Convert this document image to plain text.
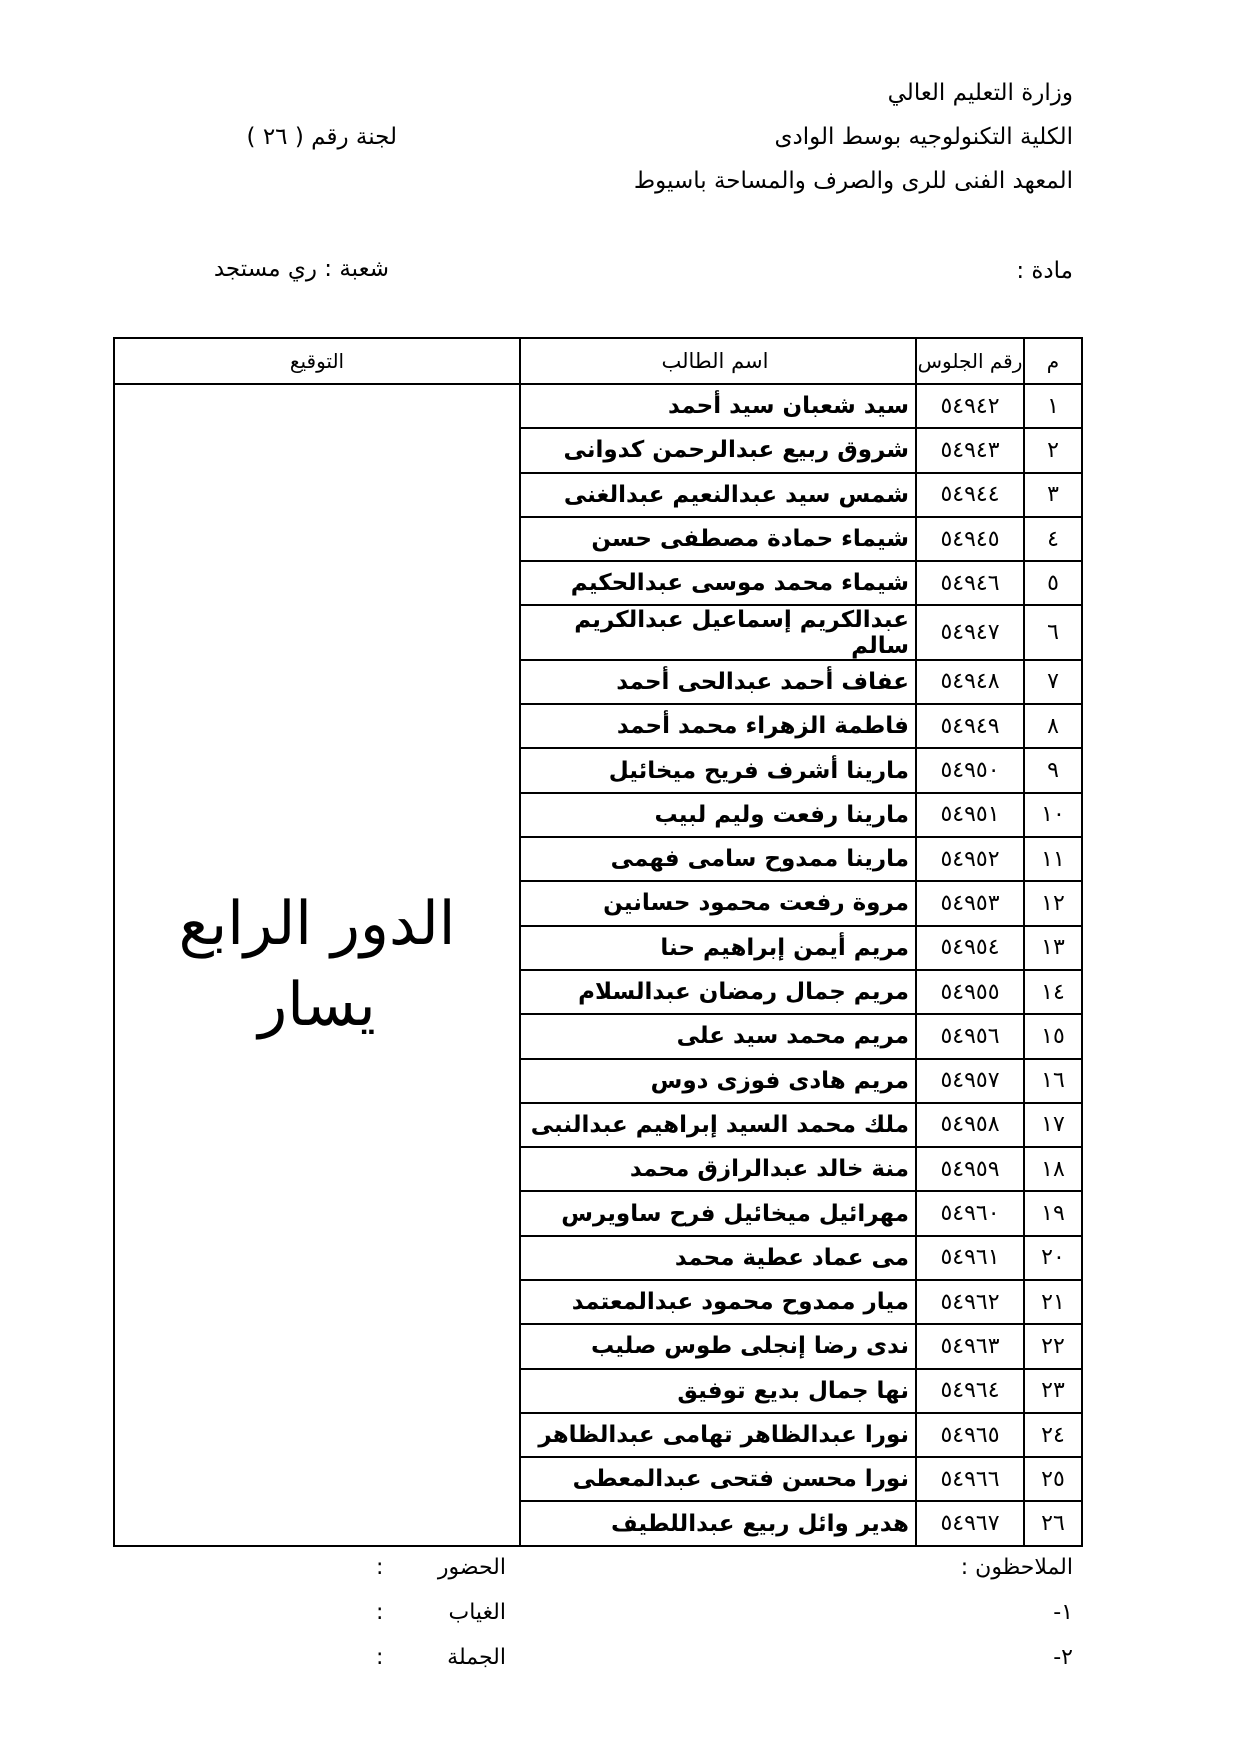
وزارة التعليم العالي
الكلية التكنولوجيه بوسط الوادى
المعهد الفنى للرى والصرف والمساحة باسيوط
لجنة رقم ( ٢٦ )
مادة :
شعبة : ري مستجد
م	رقم الجلوس	اسم الطالب	التوقيع
١	٥٤٩٤٢	سيد شعبان سيد أحمد	الدور الرابع
يسار

٢	٥٤٩٤٣	شروق ربيع عبدالرحمن كدوانى	
٣	٥٤٩٤٤	شمس سيد عبدالنعيم عبدالغنى	
٤	٥٤٩٤٥	شيماء حمادة مصطفى حسن	
٥	٥٤٩٤٦	شيماء محمد موسى عبدالحكيم	
٦	٥٤٩٤٧	عبدالكريم إسماعيل عبدالكريم سالم	
٧	٥٤٩٤٨	عفاف أحمد عبدالحى أحمد	
٨	٥٤٩٤٩	فاطمة الزهراء محمد أحمد	
٩	٥٤٩٥٠	مارينا أشرف فريح ميخائيل	
١٠	٥٤٩٥١	مارينا رفعت وليم لبيب	
١١	٥٤٩٥٢	مارينا ممدوح سامى فهمى	
١٢	٥٤٩٥٣	مروة رفعت محمود حسانين	
١٣	٥٤٩٥٤	مريم أيمن إبراهيم حنا	
١٤	٥٤٩٥٥	مريم جمال رمضان عبدالسلام	
١٥	٥٤٩٥٦	مريم محمد سيد على	
١٦	٥٤٩٥٧	مريم هادى فوزى دوس	
١٧	٥٤٩٥٨	ملك محمد السيد إبراهيم عبدالنبى	
١٨	٥٤٩٥٩	منة خالد عبدالرازق محمد	
١٩	٥٤٩٦٠	مهرائيل ميخائيل فرح ساويرس	
٢٠	٥٤٩٦١	مى عماد عطية محمد	
٢١	٥٤٩٦٢	ميار ممدوح محمود عبدالمعتمد	
٢٢	٥٤٩٦٣	ندى رضا إنجلى طوس صليب	
٢٣	٥٤٩٦٤	نها جمال بديع توفيق	
٢٤	٥٤٩٦٥	نورا عبدالظاهر تهامى عبدالظاهر	
٢٥	٥٤٩٦٦	نورا محسن فتحى عبدالمعطى	
٢٦	٥٤٩٦٧	هدير وائل ربيع عبداللطيف	
الملاحظون :
١-
٢-
الحضور
الغياب
الجملة
:
:
:
